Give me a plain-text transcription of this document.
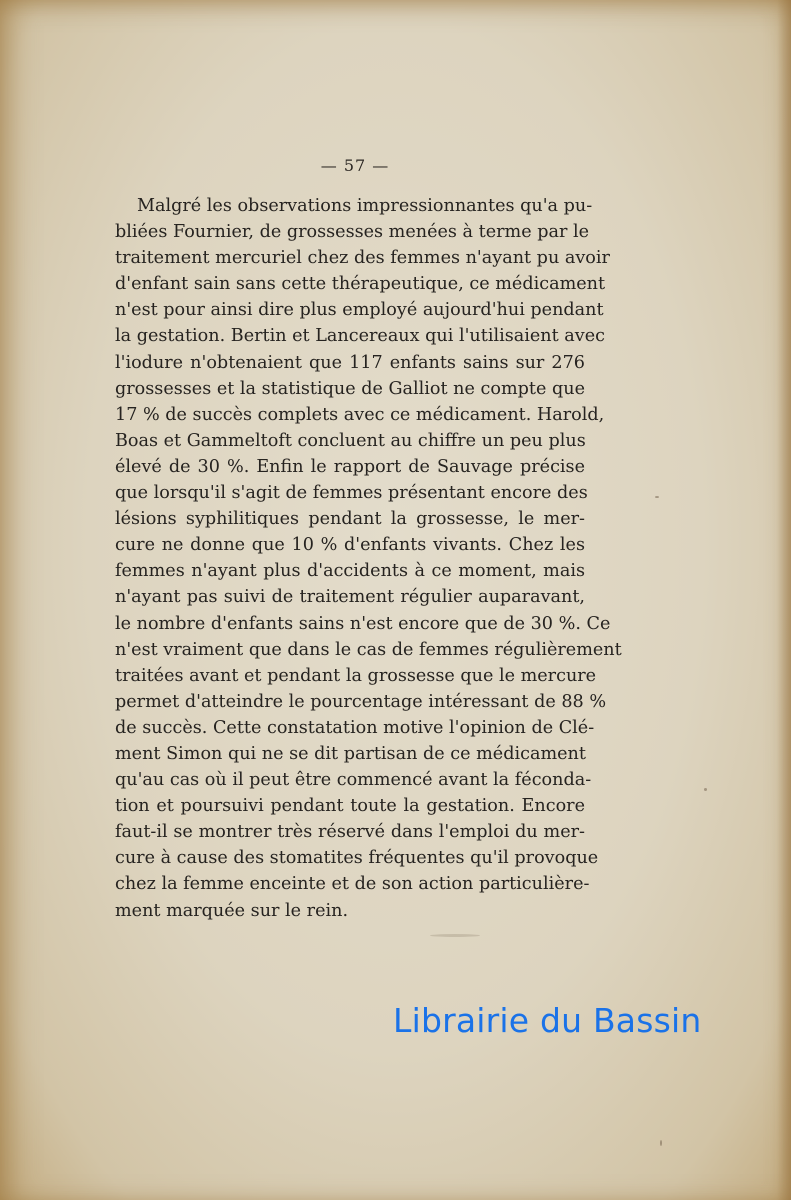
— 57 —
Malgré les observations impressionnantes qu'a pu-
bliées Fournier, de grossesses menées à terme par le
traitement mercuriel chez des femmes n'ayant pu avoir
d'enfant sain sans cette thérapeutique, ce médicament
n'est pour ainsi dire plus employé aujourd'hui pendant
la gestation. Bertin et Lancereaux qui l'utilisaient avec
l'iodure n'obtenaient que 117 enfants sains sur 276
grossesses et la statistique de Galliot ne compte que
17 % de succès complets avec ce médicament. Harold,
Boas et Gammeltoft concluent au chiffre un peu plus
élevé de 30 %. Enfin le rapport de Sauvage précise
que lorsqu'il s'agit de femmes présentant encore des
lésions syphilitiques pendant la grossesse, le mer-
cure ne donne que 10 % d'enfants vivants. Chez les
femmes n'ayant plus d'accidents à ce moment, mais
n'ayant pas suivi de traitement régulier auparavant,
le nombre d'enfants sains n'est encore que de 30 %. Ce
n'est vraiment que dans le cas de femmes régulièrement
traitées avant et pendant la grossesse que le mercure
permet d'atteindre le pourcentage intéressant de 88 %
de succès. Cette constatation motive l'opinion de Clé-
ment Simon qui ne se dit partisan de ce médicament
qu'au cas où il peut être commencé avant la féconda-
tion et poursuivi pendant toute la gestation. Encore
faut-il se montrer très réservé dans l'emploi du mer-
cure à cause des stomatites fréquentes qu'il provoque
chez la femme enceinte et de son action particulière-
ment marquée sur le rein.
Librairie du Bassin
